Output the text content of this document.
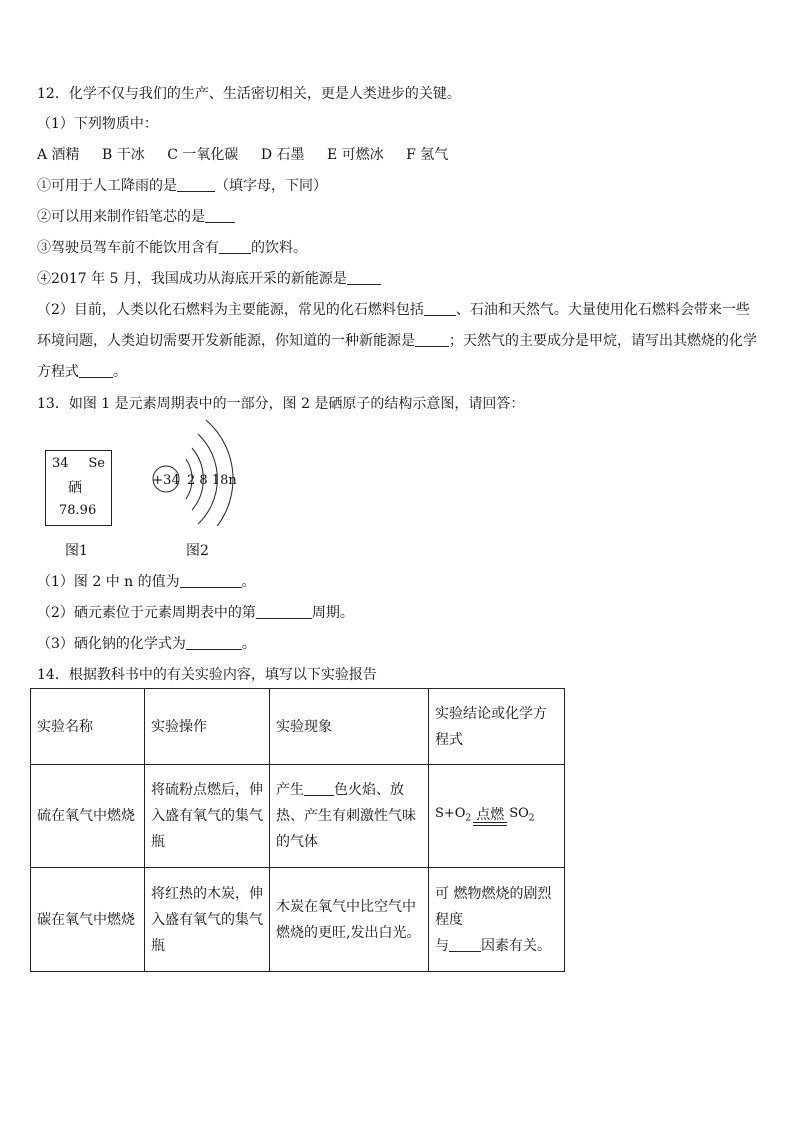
12．化学不仅与我们的生产、生活密切相关，更是人类进步的关键。
（1）下列物质中：
A 酒精 B 干冰 C 一氧化碳 D 石墨 E 可燃冰 F 氢气
①可用于人工降雨的是	（填字母，下同）
②可以用来制作铅笔芯的是
③驾驶员驾车前不能饮用含有 的饮料。
④2017 年 5 月，我国成功从海底开采的新能源是
（2）目前，人类以化石燃料为主要能源，常见的化石燃料包括 、石油和天然气。大量使用化石燃料会带来一些
环境问题，人类迫切需要开发新能源，你知道的一种新能源是 ；天然气的主要成分是甲烷，请写出其燃烧的化学
方程式 。
13．如图 1 是元素周期表中的一部分，图 2 是硒原子的结构示意图，请回答：
34 Se
硒
78.96
+34 2 8 18n
图1	图2
（1）图 2 中 n 的值为	。
（2）硒元素位于元素周期表中的第	周期。
（3）硒化钠的化学式为	。
14．根据教科书中的有关实验内容，填写以下实验报告
实验名称	实验操作	实验现象	实验结论或化学方程式
硫在氧气中燃烧	将硫粉点燃后，伸入盛有氧气的集气瓶	产生 色火焰、放热、产生有刺激性气味的气体	$S+O_2$ 点燃 $SO_2$

碳在氧气中燃烧	将红热的木炭，伸入盛有氧气的集气瓶	木炭在氧气中比空气中燃烧的更旺,发出白光。	可 燃物燃烧的剧烈程度
与 因素有关。
